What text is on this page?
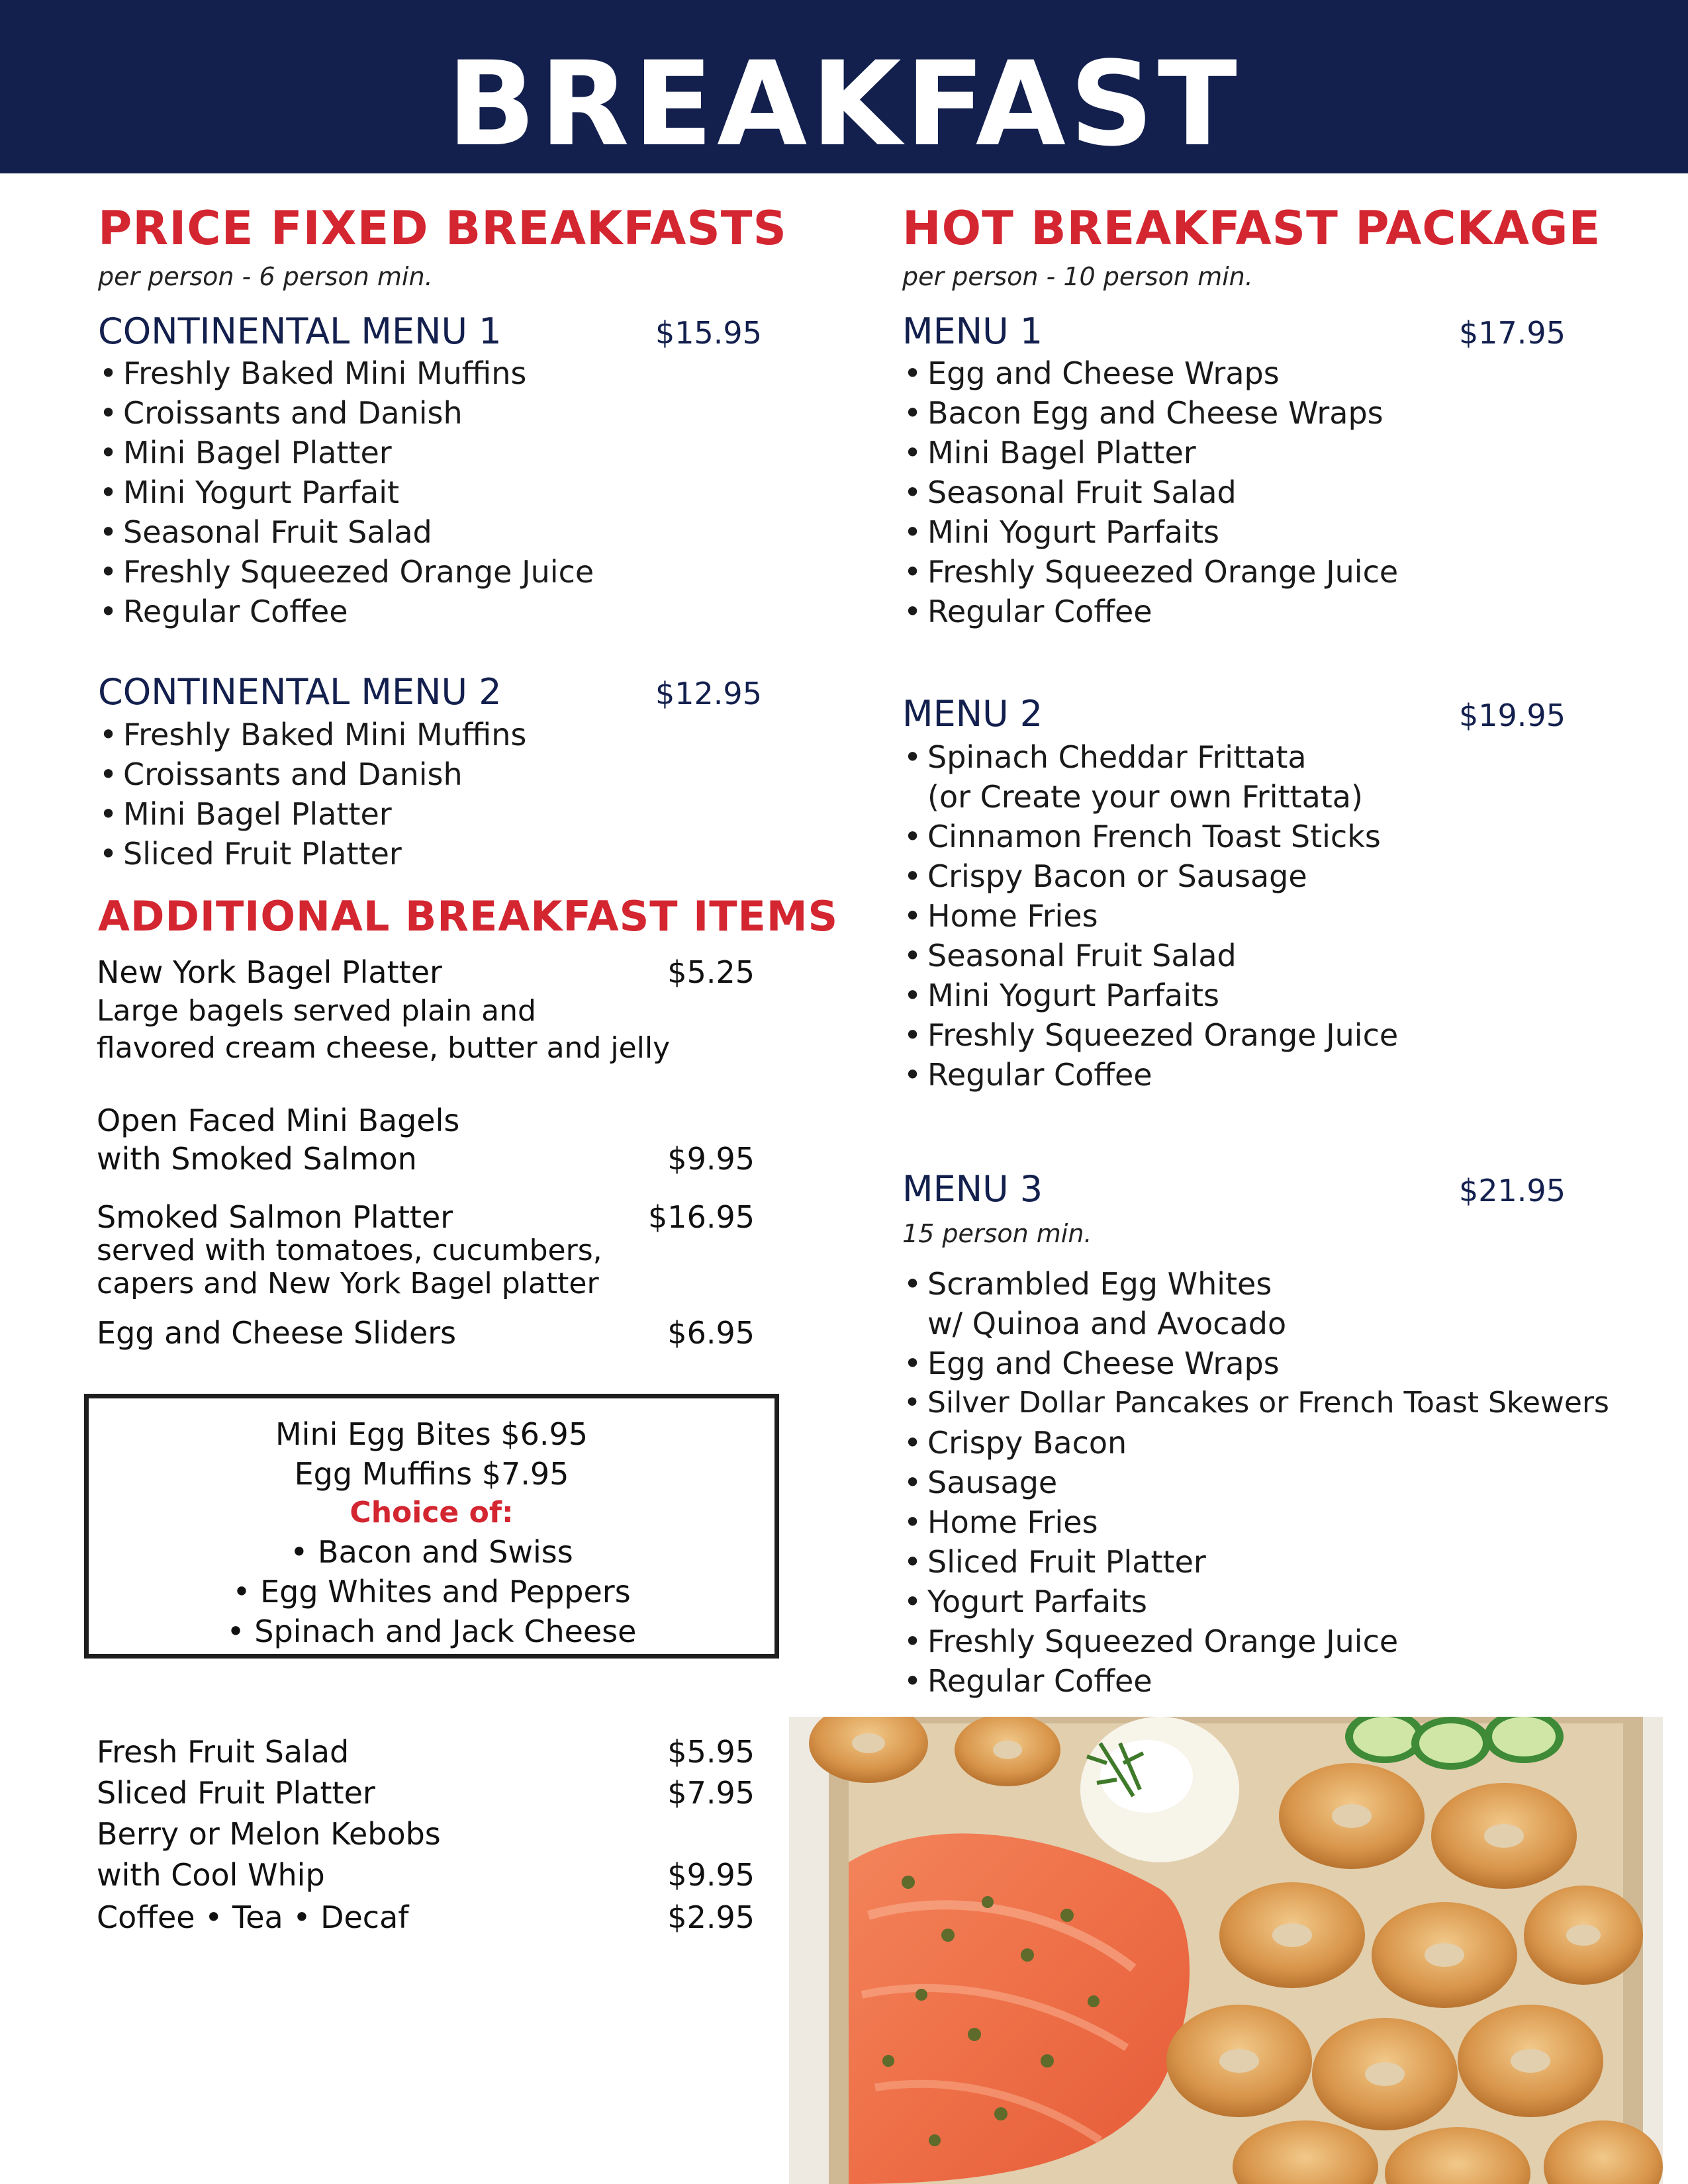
BREAKFAST
PRICE FIXED BREAKFASTS
per person - 6 person min.
CONTINENTAL MENU 1	$15.95
• Freshly Baked Mini Muffins
• Croissants and Danish
• Mini Bagel Platter
• Mini Yogurt Parfait
• Seasonal Fruit Salad
• Freshly Squeezed Orange Juice
• Regular Coffee
CONTINENTAL MENU 2	$12.95
• Freshly Baked Mini Muffins
• Croissants and Danish
• Mini Bagel Platter
• Sliced Fruit Platter
ADDITIONAL BREAKFAST ITEMS
New York Bagel Platter	$5.25
Large bagels served plain and
flavored cream cheese, butter and jelly
Open Faced Mini Bagels
with Smoked Salmon	$9.95
Smoked Salmon Platter	$16.95
served with tomatoes, cucumbers,
capers and New York Bagel platter
Egg and Cheese Sliders	$6.95
Mini Egg Bites $6.95
Egg Muffins $7.95
Choice of:
• Bacon and Swiss
• Egg Whites and Peppers
• Spinach and Jack Cheese
Fresh Fruit Salad	$5.95
Sliced Fruit Platter	$7.95
Berry or Melon Kebobs
with Cool Whip	$9.95
Coffee • Tea • Decaf	$2.95
HOT BREAKFAST PACKAGE
per person - 10 person min.
MENU 1	$17.95
• Egg and Cheese Wraps
• Bacon Egg and Cheese Wraps
• Mini Bagel Platter
• Seasonal Fruit Salad
• Mini Yogurt Parfaits
• Freshly Squeezed Orange Juice
• Regular Coffee
MENU 2	$19.95
• Spinach Cheddar Frittata
(or Create your own Frittata)
• Cinnamon French Toast Sticks
• Crispy Bacon or Sausage
• Home Fries
• Seasonal Fruit Salad
• Mini Yogurt Parfaits
• Freshly Squeezed Orange Juice
• Regular Coffee
MENU 3	$21.95
15 person min.
• Scrambled Egg Whites
w/ Quinoa and Avocado
• Egg and Cheese Wraps
• Silver Dollar Pancakes or French Toast Skewers
• Crispy Bacon
• Sausage
• Home Fries
• Sliced Fruit Platter
• Yogurt Parfaits
• Freshly Squeezed Orange Juice
• Regular Coffee
